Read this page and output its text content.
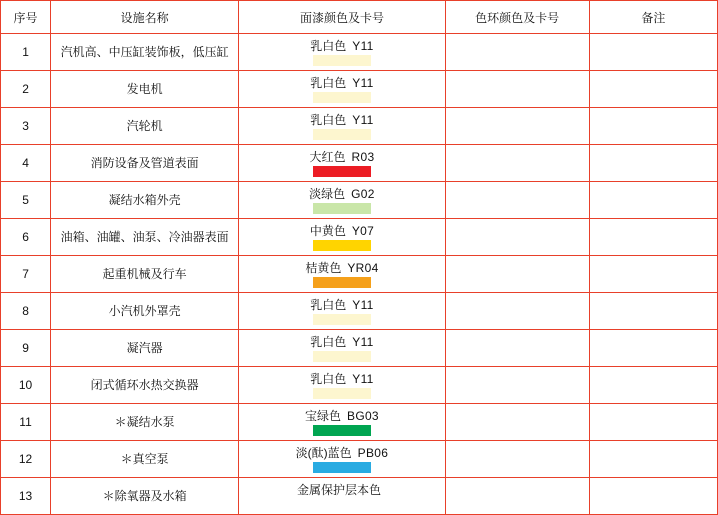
序号	设施名称	面漆颜色及卡号	色环颜色及卡号	备注
1	汽机高、中压缸装饰板，低压缸	乳白色 Y11		

2	发电机	乳白色 Y11		

3	汽轮机	乳白色 Y11		

4	消防设备及管道表面	大红色 R03		

5	凝结水箱外壳	淡绿色 G02		

6	油箱、油罐、油泵、冷油器表面	中黄色 Y07		

7	起重机械及行车	桔黄色 YR04		

8	小汽机外罩壳	乳白色 Y11		

9	凝汽器	乳白色 Y11		

10	闭式循环水热交换器	乳白色 Y11		

11	＊凝结水泵	宝绿色 BG03		

12	＊真空泵	淡(酞)蓝色 PB06		

13	＊除氧器及水箱	金属保护层本色		
